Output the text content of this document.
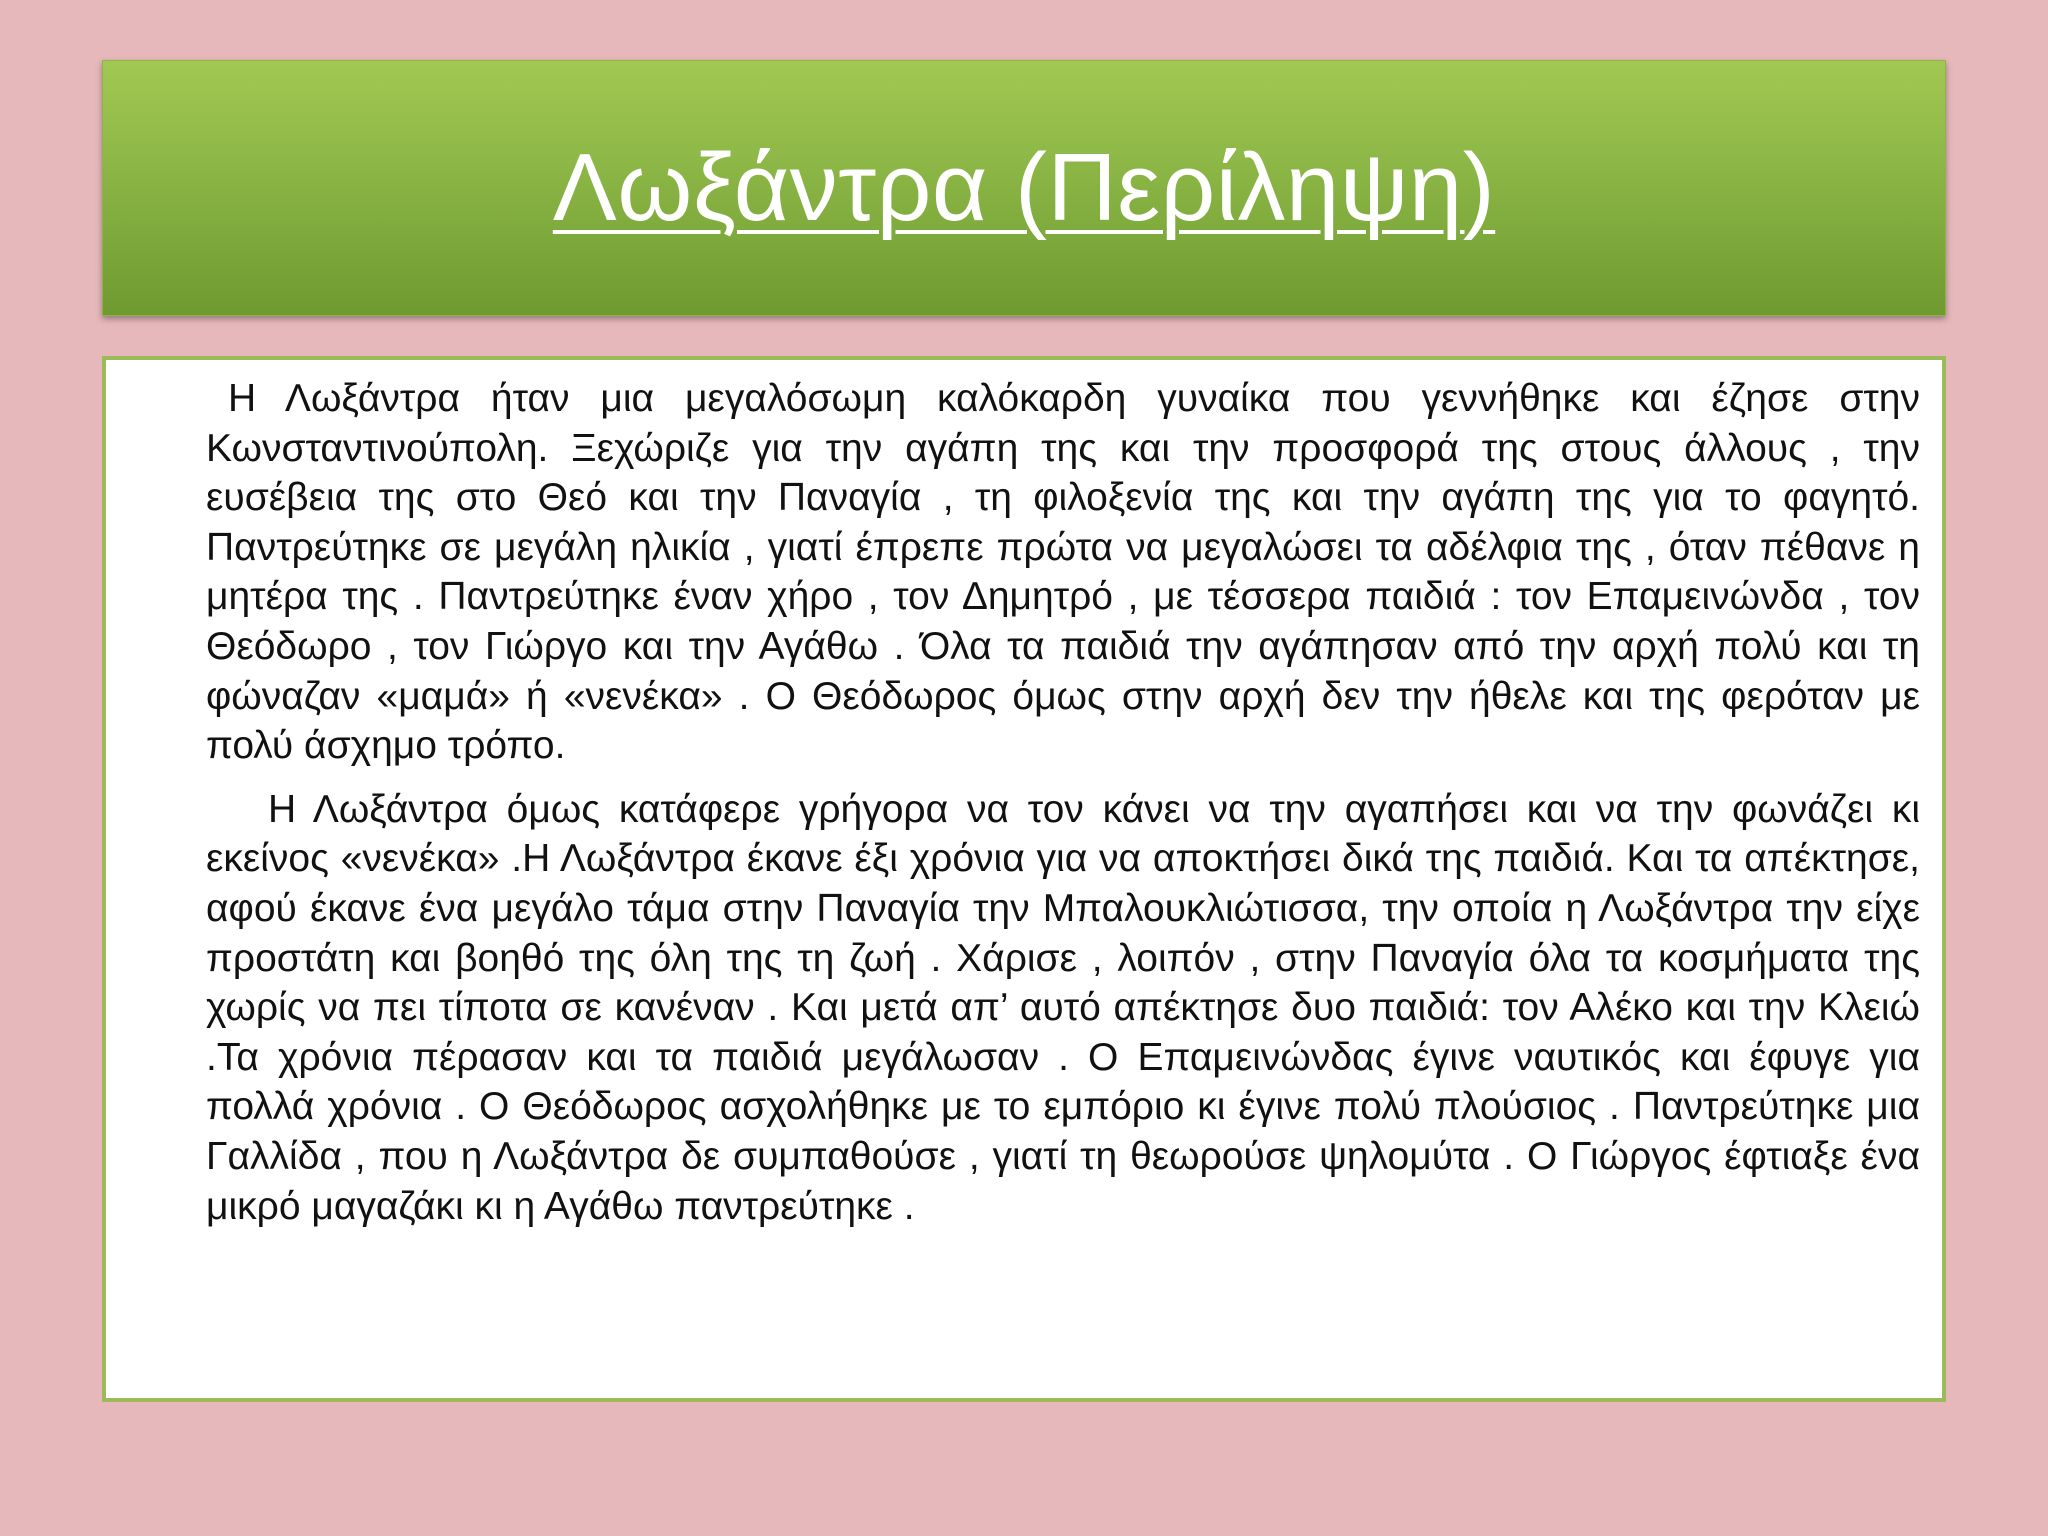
Λωξάντρα (Περίληψη)

Η Λωξάντρα ήταν μια μεγαλόσωμη καλόκαρδη γυναίκα που γεννήθηκε και έζησε στην Κωνσταντινούπολη. Ξεχώριζε για την αγάπη της και την προσφορά της στους άλλους , την ευσέβεια της στο Θεό και την Παναγία , τη φιλοξενία της και την αγάπη της για το φαγητό. Παντρεύτηκε σε μεγάλη ηλικία , γιατί έπρεπε πρώτα να μεγαλώσει τα αδέλφια της , όταν πέθανε η μητέρα της . Παντρεύτηκε έναν χήρο , τον Δημητρό , με τέσσερα παιδιά : τον Επαμεινώνδα , τον Θεόδωρο , τον Γιώργο και την Αγάθω . Όλα τα παιδιά την αγάπησαν από την αρχή πολύ και τη φώναζαν «μαμά» ή «νενέκα» . Ο Θεόδωρος όμως στην αρχή δεν την ήθελε και της φερόταν με πολύ άσχημο τρόπο.

Η Λωξάντρα όμως κατάφερε γρήγορα να τον κάνει να την αγαπήσει και να την φωνάζει κι εκείνος «νενέκα» .Η Λωξάντρα έκανε έξι χρόνια για να αποκτήσει δικά της παιδιά. Και τα απέκτησε, αφού έκανε ένα μεγάλο τάμα στην Παναγία την Μπαλουκλιώτισσα, την οποία η Λωξάντρα την είχε προστάτη και βοηθό της όλη της τη ζωή . Χάρισε , λοιπόν , στην Παναγία όλα τα κοσμήματα της χωρίς να πει τίποτα σε κανέναν . Και μετά απ’ αυτό απέκτησε δυο παιδιά: τον Αλέκο και την Κλειώ .Τα χρόνια πέρασαν και τα παιδιά μεγάλωσαν . Ο Επαμεινώνδας έγινε ναυτικός και έφυγε για πολλά χρόνια . Ο Θεόδωρος ασχολήθηκε με το εμπόριο κι έγινε πολύ πλούσιος . Παντρεύτηκε μια Γαλλίδα , που η Λωξάντρα δε συμπαθούσε , γιατί τη θεωρούσε ψηλομύτα . Ο Γιώργος έφτιαξε ένα μικρό μαγαζάκι κι η Αγάθω παντρεύτηκε .
